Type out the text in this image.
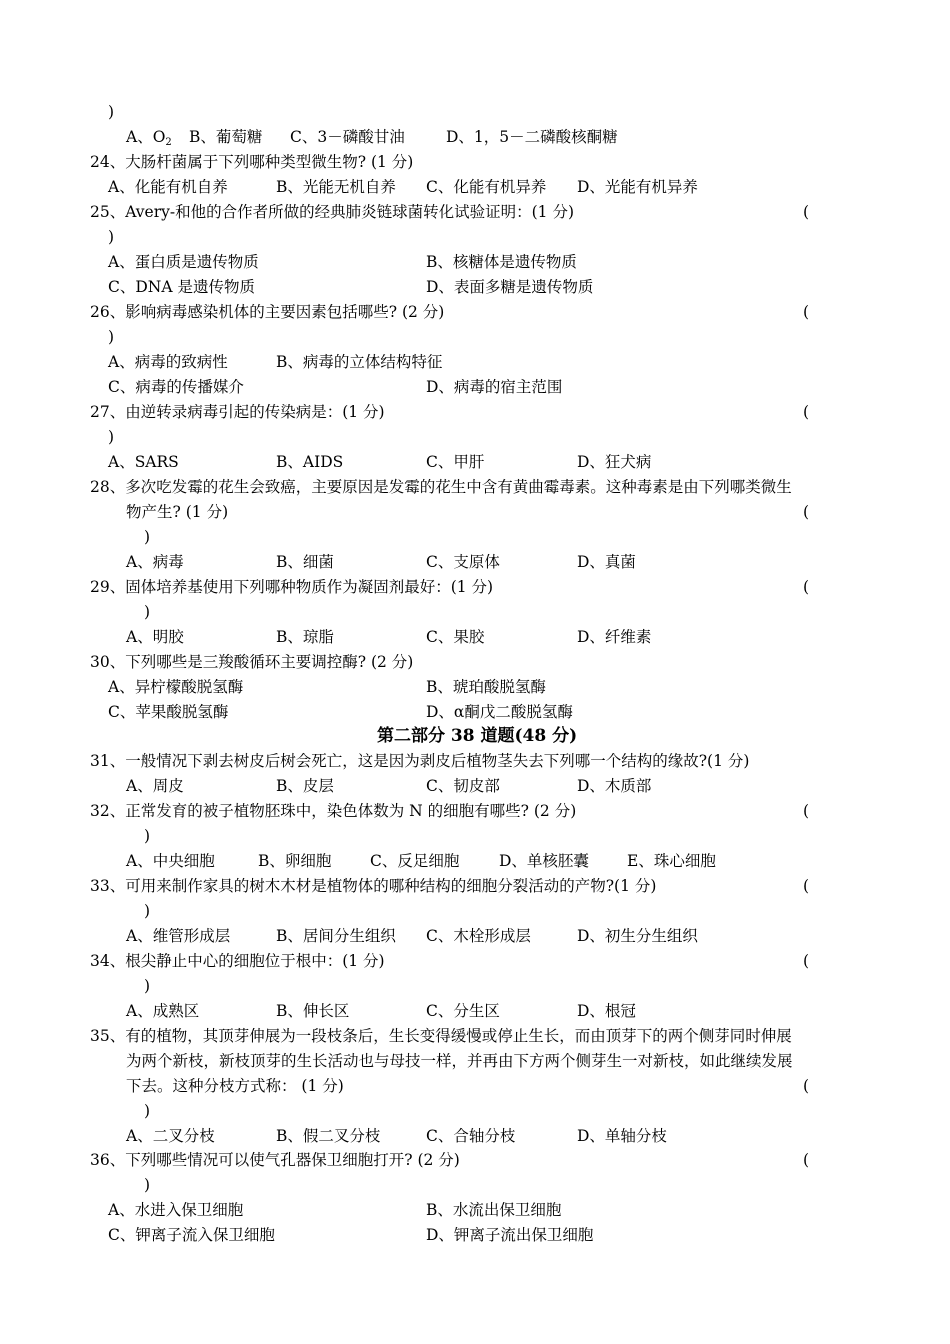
)
A、$O_2$ B、葡萄糖 C、3－磷酸甘油	D、1，5－二磷酸核酮糖
24、大肠杆菌属于下列哪种类型微生物? (1 分)
A、化能有机自养	B、光能无机自养 C、化能有机异养 D、光能有机异养
25、Avery-和他的合作者所做的经典肺炎链球菌转化试验证明：(1 分)	(
)
A、蛋白质是遗传物质	B、核糖体是遗传物质
C、DNA 是遗传物质	D、表面多糖是遗传物质
26、影响病毒感染机体的主要因素包括哪些? (2 分)	(
)
A、病毒的致病性	B、病毒的立体结构特征
C、病毒的传播媒介	D、病毒的宿主范围
27、由逆转录病毒引起的传染病是：(1 分)	(
)
A、SARS	B、AIDS	C、甲肝	D、狂犬病
28、多次吃发霉的花生会致癌，主要原因是发霉的花生中含有黄曲霉毒素。这种毒素是由下列哪类微生
物产生? (1 分)	(
)
A、病毒	B、细菌	C、支原体	D、真菌
29、固体培养基使用下列哪种物质作为凝固剂最好：(1 分)	(
)
A、明胶	B、琼脂	C、果胶	D、纤维素
30、下列哪些是三羧酸循环主要调控酶? (2 分)
A、异柠檬酸脱氢酶	B、琥珀酸脱氢酶
C、苹果酸脱氢酶	D、α酮戊二酸脱氢酶
第二部分 38 道题(48 分)
31、一般情况下剥去树皮后树会死亡，这是因为剥皮后植物茎失去下列哪一个结构的缘故?(1 分)
A、周皮	B、皮层	C、韧皮部	D、木质部
32、正常发育的被子植物胚珠中，染色体数为 N 的细胞有哪些? (2 分)	(
)
A、中央细胞	B、卵细胞 C、反足细胞	D、单核胚囊 E、珠心细胞
33、可用来制作家具的树木木材是植物体的哪种结构的细胞分裂活动的产物?(1 分)	(
)
A、维管形成层	B、居间分生组织 C、木栓形成层	D、初生分生组织
34、根尖静止中心的细胞位于根中：(1 分)	(
)
A、成熟区	B、伸长区	C、分生区	D、根冠
35、有的植物，其顶芽伸展为一段枝条后，生长变得缓慢或停止生长，而由顶芽下的两个侧芽同时伸展
为两个新枝，新枝顶芽的生长活动也与母技一样，并再由下方两个侧芽生一对新枝，如此继续发展
下去。这种分枝方式称： (1 分)	(
)
A、二叉分枝	B、假二叉分枝	C、合轴分枝	D、单轴分枝
36、下列哪些情况可以使气孔器保卫细胞打开? (2 分)	(
)
A、水进入保卫细胞	B、水流出保卫细胞
C、钾离子流入保卫细胞	D、钾离子流出保卫细胞
